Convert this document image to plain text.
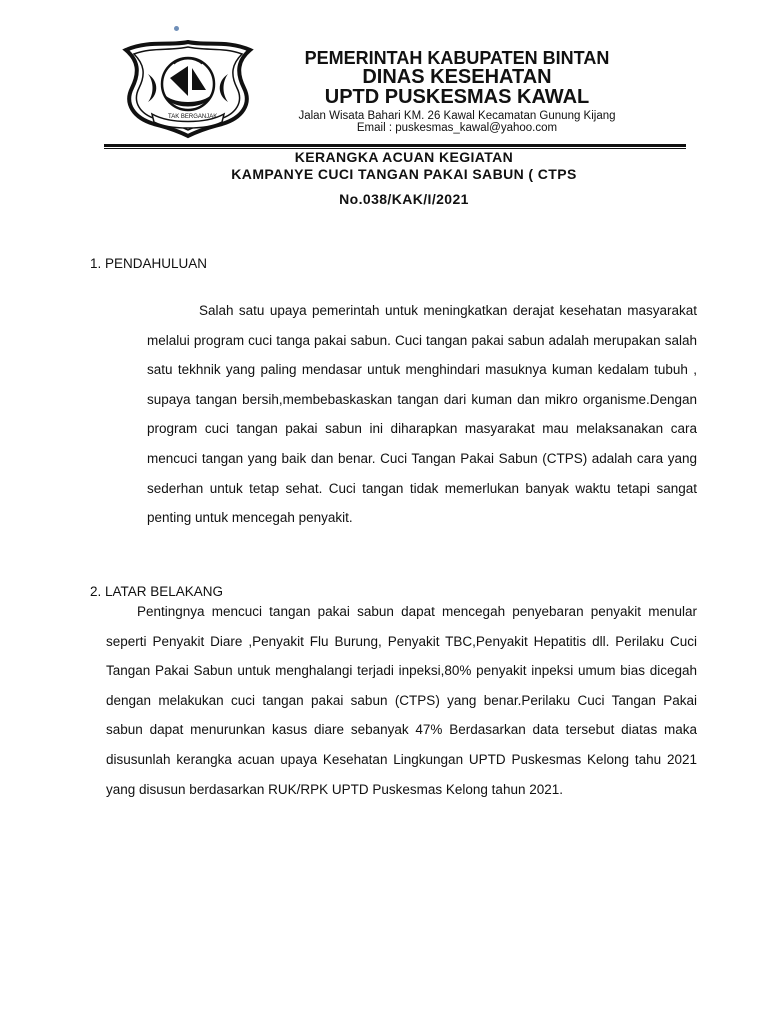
TAK BERGANJAK
PEMERINTAH KABUPATEN BINTAN
DINAS KESEHATAN
UPTD PUSKESMAS KAWAL
Jalan Wisata Bahari KM. 26 Kawal Kecamatan Gunung Kijang
Email : puskesmas_kawal@yahoo.com
KERANGKA ACUAN KEGIATAN
KAMPANYE CUCI TANGAN PAKAI SABUN ( CTPS
No.038/KAK/I/2021
1. PENDAHULUAN
Salah satu upaya pemerintah untuk meningkatkan derajat kesehatan masyarakat melalui program cuci tanga pakai sabun. Cuci tangan pakai sabun adalah merupakan salah satu tekhnik yang paling mendasar untuk menghindari masuknya kuman kedalam tubuh , supaya tangan bersih,membebaskaskan tangan dari kuman dan mikro organisme.Dengan program cuci tangan pakai sabun ini diharapkan masyarakat mau melaksanakan cara mencuci tangan yang baik dan benar. Cuci Tangan Pakai Sabun (CTPS) adalah cara yang sederhan untuk tetap sehat. Cuci tangan tidak memerlukan banyak waktu tetapi sangat penting untuk mencegah penyakit.
2. LATAR BELAKANG
Pentingnya mencuci tangan pakai sabun dapat mencegah penyebaran penyakit menular seperti Penyakit Diare ,Penyakit Flu Burung, Penyakit TBC,Penyakit Hepatitis dll. Perilaku Cuci Tangan Pakai Sabun untuk menghalangi terjadi inpeksi,80% penyakit inpeksi umum bias dicegah dengan melakukan cuci tangan pakai sabun (CTPS) yang benar.Perilaku Cuci Tangan Pakai sabun dapat menurunkan kasus diare sebanyak 47% Berdasarkan data tersebut diatas maka disusunlah kerangka acuan upaya Kesehatan Lingkungan UPTD Puskesmas Kelong tahu 2021 yang disusun berdasarkan RUK/RPK UPTD Puskesmas Kelong tahun 2021.
